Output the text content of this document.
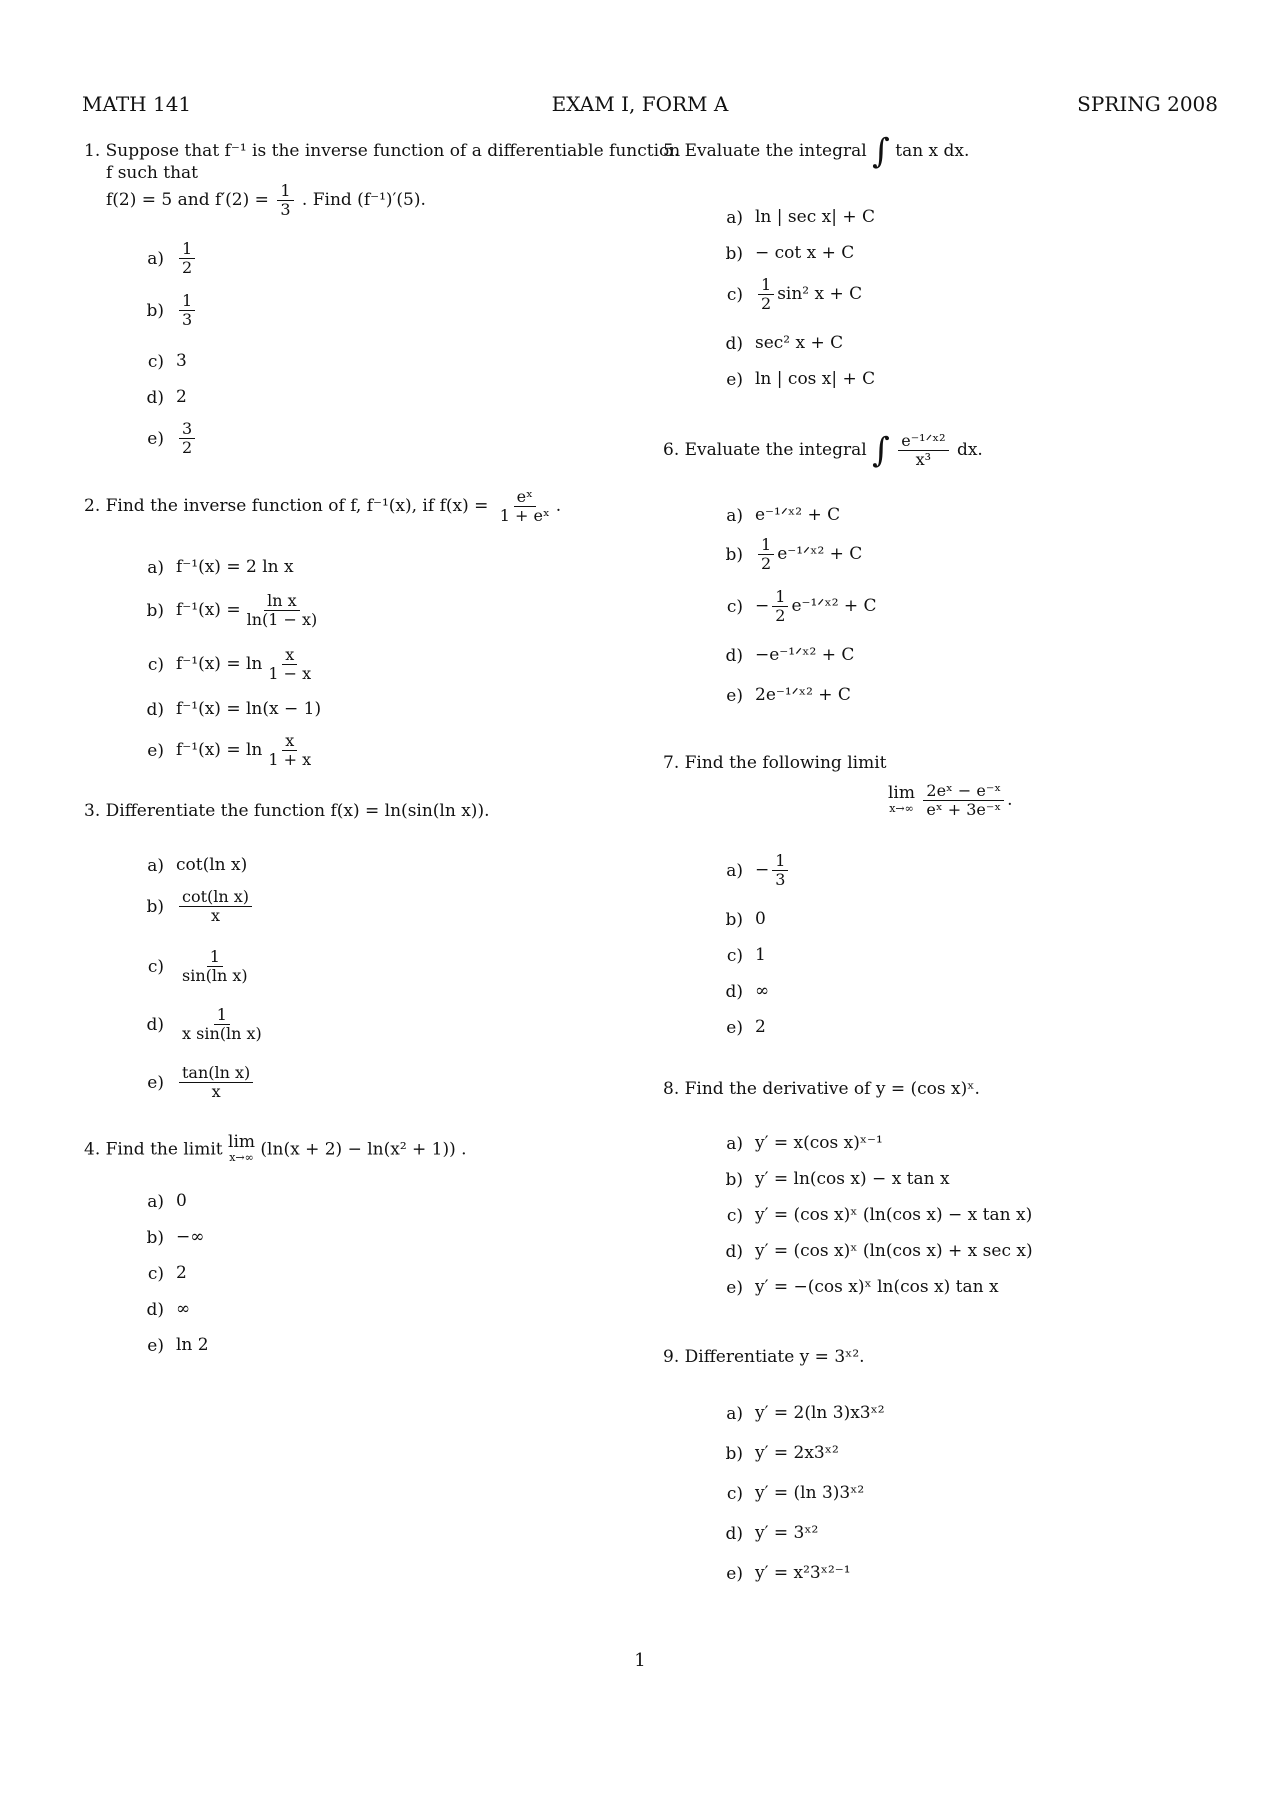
MATH 141	EXAM I, FORM A	SPRING 2008
1. Suppose that f⁻¹ is the inverse function of a differentiable function
f such that
f(2) = 5 and $f'(2) = \frac{1}{3}$ . Find (f⁻¹)′(5).
$a) \frac{1}{2}$
$b) \frac{1}{3}$
c) 3
d) 2
$e) \frac{3}{2}$
2. Find the inverse function of f, f⁻¹(x), if $f(x) = \frac{\text{eˣ}}{\text{1 + eˣ}}$ .
a) f⁻¹(x) = 2 ln x
b) $f^{-1}(x) = \frac{\text{ln x}}{\ln(1 - x)}$
c) $f^{-1}(x) = \ln \frac{x}{1 - x}$
d) f⁻¹(x) = ln(x − 1)
e) $f^{-1}(x) = \ln \frac{x}{1 + x}$
3. Differentiate the function f(x) = ln(sin(ln x)).
a) cot(ln x)
$b) \frac{\text{cot(ln x)}}{x}$
$c) \frac{1}{\text{sin(ln x)}}$
$d) \frac{1}{\text{x sin(ln x)}}$
$e) \frac{\text{tan(ln x)}}{x}$
4. Find the limit lim
x→∞ (ln(x + 2) − ln(x² + 1)) .
a) 0
b) −∞
c) 2
d) ∞
e) ln 2
5. Evaluate the integral ∫ tan x dx.
a) ln | sec x| + C
b) − cot x + C
$c) \frac{1}{2} \sin^2$ x + C
d) sec² x + C
e) ln | cos x| + C
6. Evaluate the integral ∫ $\frac{\text{e⁻¹ᐟˣ²}}{\text{x³}}$ dx.
a) e⁻¹ᐟˣ² + C
$b) \frac{1}{2}$ e⁻¹ᐟˣ² + C
$c) - \frac{1}{2}$ e⁻¹ᐟˣ² + C
d) −e⁻¹ᐟˣ² + C
e) 2e⁻¹ᐟˣ² + C
7. Find the following limit
lim
x→∞
$\frac{\text{2eˣ − e⁻ˣ}}{\text{eˣ + 3e⁻ˣ}}$ .
$a) - \frac{1}{3}$
b) 0
c) 1
d) ∞
e) 2
8. Find the derivative of y = (cos x)ˣ.
a) y′ = x(cos x)ˣ⁻¹
b) y′ = ln(cos x) − x tan x
c) y′ = (cos x)ˣ (ln(cos x) − x tan x)
d) y′ = (cos x)ˣ (ln(cos x) + x sec x)
e) y′ = −(cos x)ˣ ln(cos x) tan x
9. Differentiate y = 3ˣ².
a) y′ = 2(ln 3)x3ˣ²
b) y′ = 2x3ˣ²
c) y′ = (ln 3)3ˣ²
d) y′ = 3ˣ²
e) y′ = x²3ˣ²⁻¹
1
